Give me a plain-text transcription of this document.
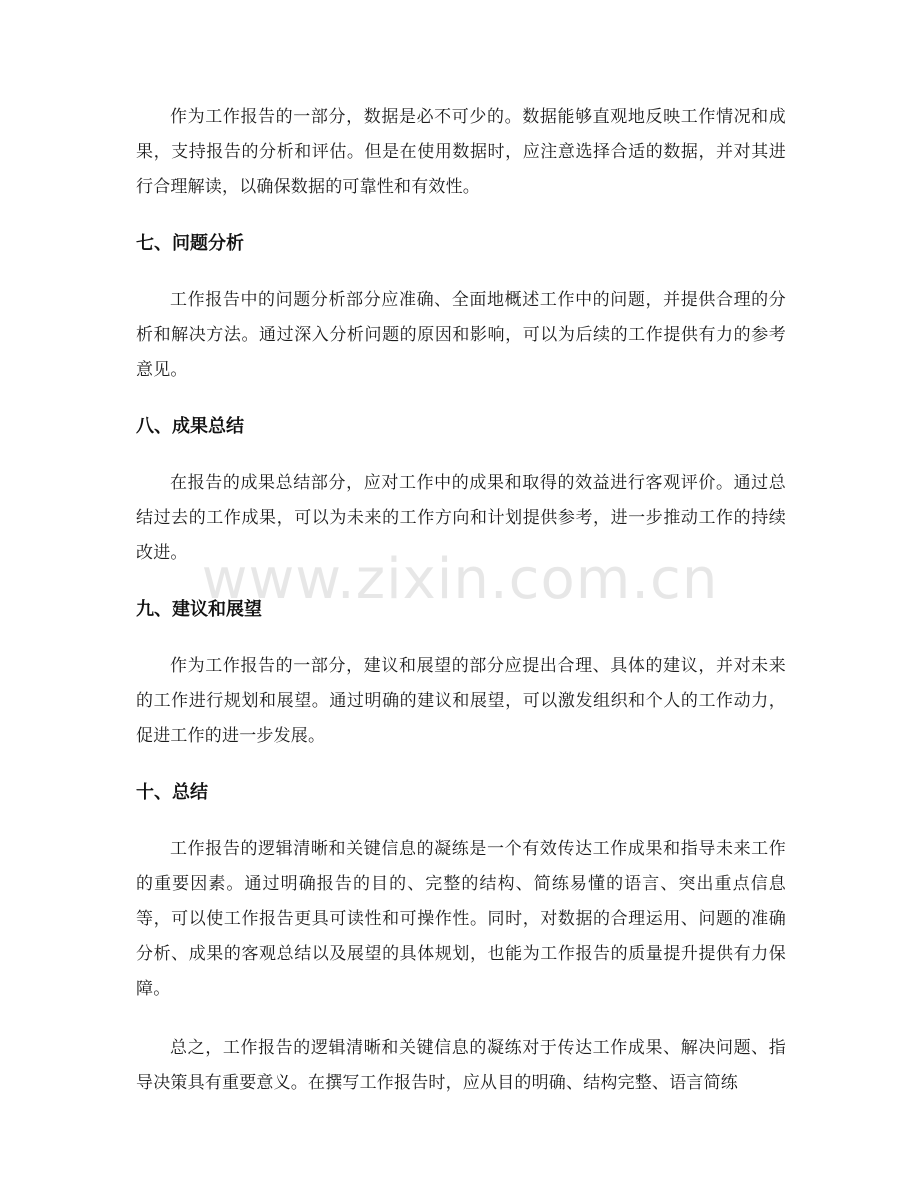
作为工作报告的一部分，数据是必不可少的。数据能够直观地反映工作情况和成果，支持报告的分析和评估。但是在使用数据时，应注意选择合适的数据，并对其进行合理解读，以确保数据的可靠性和有效性。

七、问题分析

工作报告中的问题分析部分应准确、全面地概述工作中的问题，并提供合理的分析和解决方法。通过深入分析问题的原因和影响，可以为后续的工作提供有力的参考意见。

八、成果总结

在报告的成果总结部分，应对工作中的成果和取得的效益进行客观评价。通过总结过去的工作成果，可以为未来的工作方向和计划提供参考，进一步推动工作的持续改进。

九、建议和展望

作为工作报告的一部分，建议和展望的部分应提出合理、具体的建议，并对未来的工作进行规划和展望。通过明确的建议和展望，可以激发组织和个人的工作动力，促进工作的进一步发展。

十、总结

工作报告的逻辑清晰和关键信息的凝练是一个有效传达工作成果和指导未来工作的重要因素。通过明确报告的目的、完整的结构、简练易懂的语言、突出重点信息等，可以使工作报告更具可读性和可操作性。同时，对数据的合理运用、问题的准确分析、成果的客观总结以及展望的具体规划，也能为工作报告的质量提升提供有力保障。

总之，工作报告的逻辑清晰和关键信息的凝练对于传达工作成果、解决问题、指导决策具有重要意义。在撰写工作报告时，应从目的明确、结构完整、语言简练

www.zixin.com.cn
